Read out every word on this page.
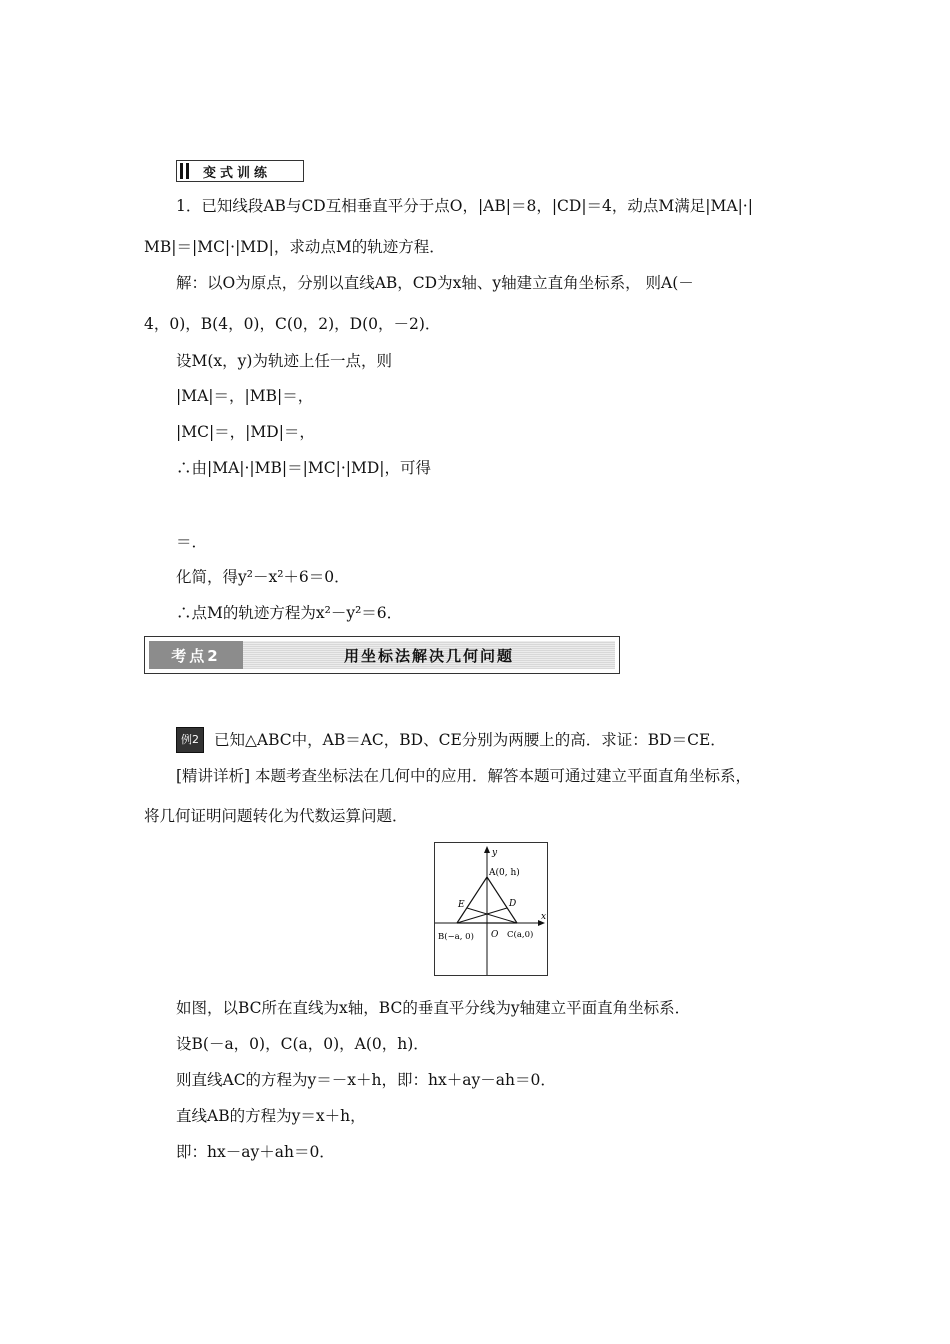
变式训练
1．已知线段AB与CD互相垂直平分于点O，|AB|＝8，|CD|＝4，动点M满足|MA|·|
MB|＝|MC|·|MD|，求动点M的轨迹方程．
解：以O为原点，分别以直线AB，CD为x轴、y轴建立直角坐标系， 则A(－
4，0)，B(4，0)，C(0，2)，D(0，－2)．
设M(x，y)为轨迹上任一点，则
|MA|＝，|MB|＝，
|MC|＝，|MD|＝，
∴由|MA|·|MB|＝|MC|·|MD|，可得
＝．
化简，得y²－x²＋6＝0．
∴点M的轨迹方程为x²－y²＝6．
考点2	用坐标法解决几何问题
例2 已知△ABC中，AB＝AC，BD、CE分别为两腰上的高．求证：BD＝CE．
[精讲详析] 本题考查坐标法在几何中的应用．解答本题可通过建立平面直角坐标系，
将几何证明问题转化为代数运算问题．
y
x
A(0, h)
E	D
B(−a, 0) O C(a,0)
如图，以BC所在直线为x轴，BC的垂直平分线为y轴建立平面直角坐标系．
设B(－a，0)，C(a，0)，A(0，h)．
则直线AC的方程为y＝－x＋h，即：hx＋ay－ah＝0．
直线AB的方程为y＝x＋h，
即：hx－ay＋ah＝0．
